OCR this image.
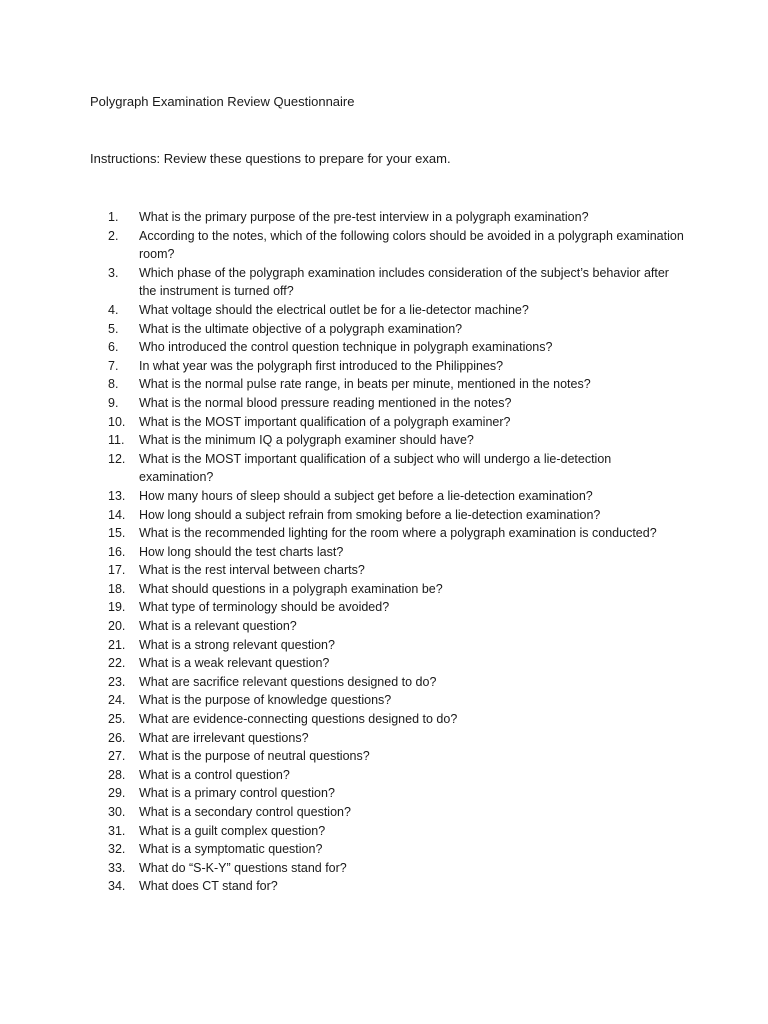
Polygraph Examination Review Questionnaire
Instructions: Review these questions to prepare for your exam.
1.	What is the primary purpose of the pre-test interview in a polygraph examination?
2.	According to the notes, which of the following colors should be avoided in a polygraph examination room?
3.	Which phase of the polygraph examination includes consideration of the subject’s behavior after the instrument is turned off?
4.	What voltage should the electrical outlet be for a lie-detector machine?
5.	What is the ultimate objective of a polygraph examination?
6.	Who introduced the control question technique in polygraph examinations?
7.	In what year was the polygraph first introduced to the Philippines?
8.	What is the normal pulse rate range, in beats per minute, mentioned in the notes?
9.	What is the normal blood pressure reading mentioned in the notes?
10.	What is the MOST important qualification of a polygraph examiner?
11.	What is the minimum IQ a polygraph examiner should have?
12.	What is the MOST important qualification of a subject who will undergo a lie-detection examination?
13.	How many hours of sleep should a subject get before a lie-detection examination?
14.	How long should a subject refrain from smoking before a lie-detection examination?
15.	What is the recommended lighting for the room where a polygraph examination is conducted?
16.	How long should the test charts last?
17.	What is the rest interval between charts?
18.	What should questions in a polygraph examination be?
19.	What type of terminology should be avoided?
20.	What is a relevant question?
21.	What is a strong relevant question?
22.	What is a weak relevant question?
23.	What are sacrifice relevant questions designed to do?
24.	What is the purpose of knowledge questions?
25.	What are evidence-connecting questions designed to do?
26.	What are irrelevant questions?
27.	What is the purpose of neutral questions?
28.	What is a control question?
29.	What is a primary control question?
30.	What is a secondary control question?
31.	What is a guilt complex question?
32.	What is a symptomatic question?
33.	What do “S-K-Y” questions stand for?
34.	What does CT stand for?
